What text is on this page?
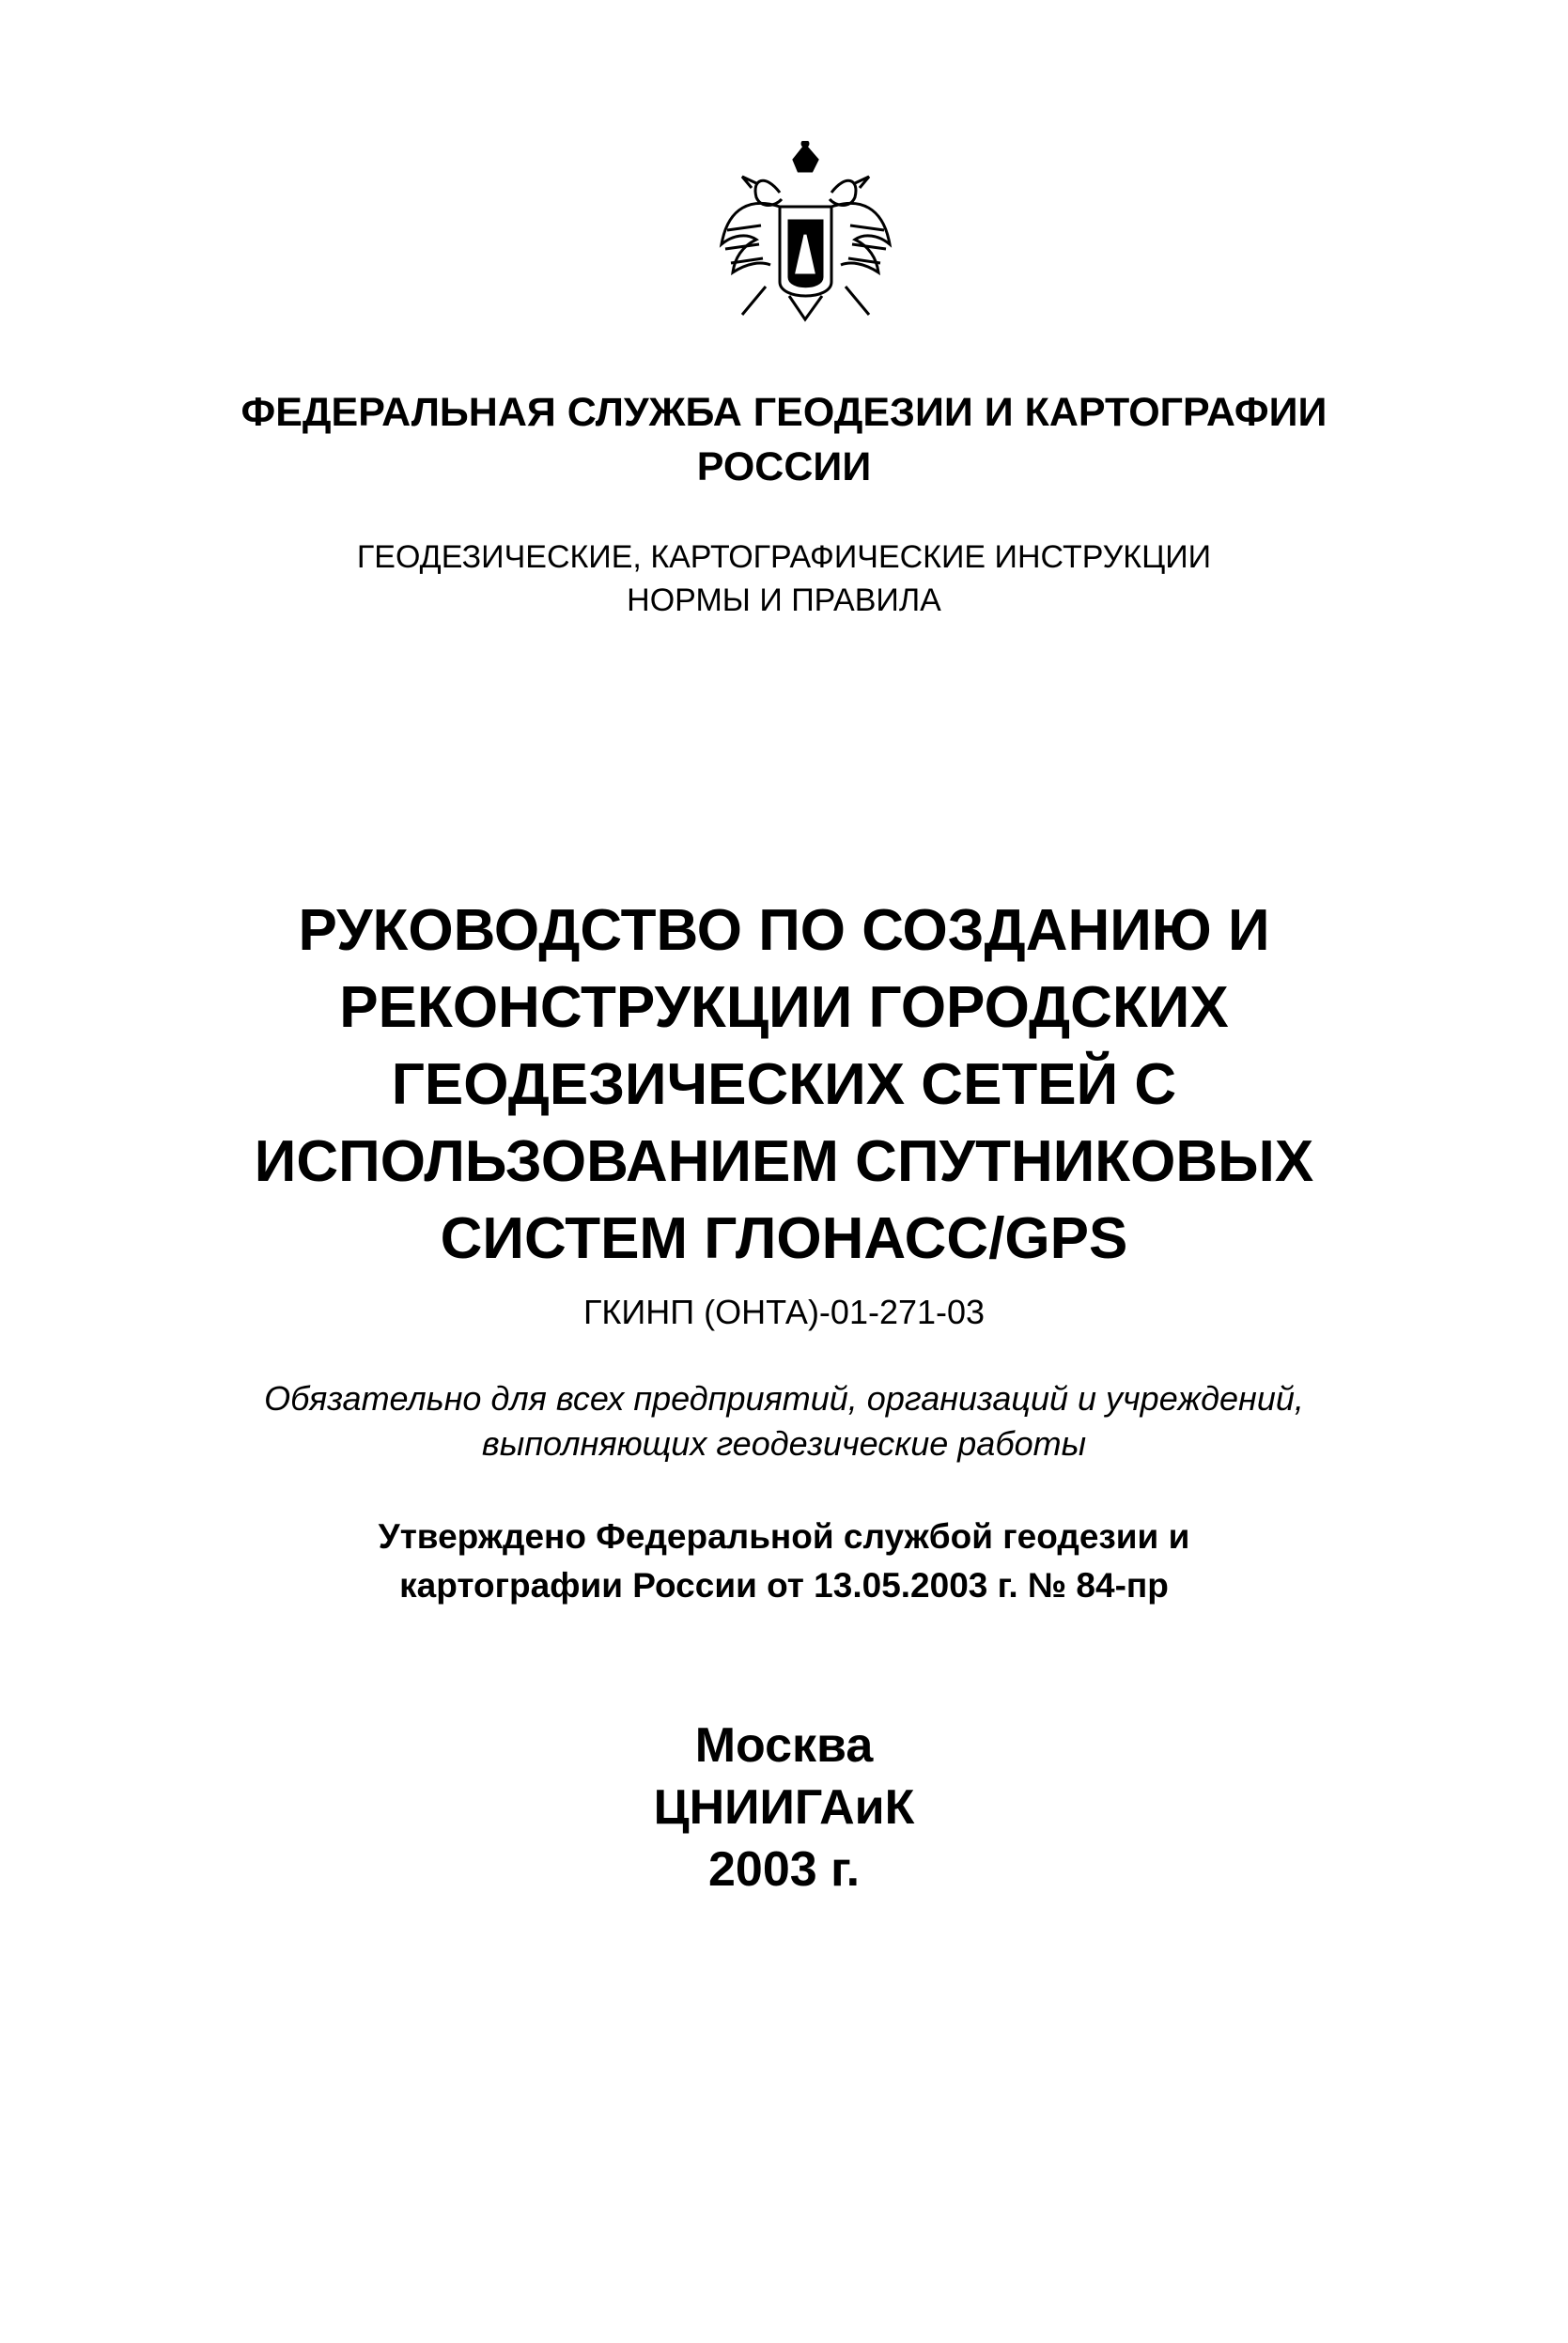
ФЕДЕРАЛЬНАЯ СЛУЖБА ГЕОДЕЗИИ И КАРТОГРАФИИ
РОССИИ
ГЕОДЕЗИЧЕСКИЕ, КАРТОГРАФИЧЕСКИЕ ИНСТРУКЦИИ
НОРМЫ И ПРАВИЛА
РУКОВОДСТВО ПО СОЗДАНИЮ И
РЕКОНСТРУКЦИИ ГОРОДСКИХ
ГЕОДЕЗИЧЕСКИХ СЕТЕЙ С
ИСПОЛЬЗОВАНИЕМ СПУТНИКОВЫХ
СИСТЕМ ГЛОНАСС/GPS
ГКИНП (ОНТА)-01-271-03
Обязательно для всех предприятий, организаций и учреждений,
выполняющих геодезические работы
Утверждено Федеральной службой геодезии и
картографии России от 13.05.2003 г. № 84-пр
Москва
ЦНИИГАиК
2003 г.
